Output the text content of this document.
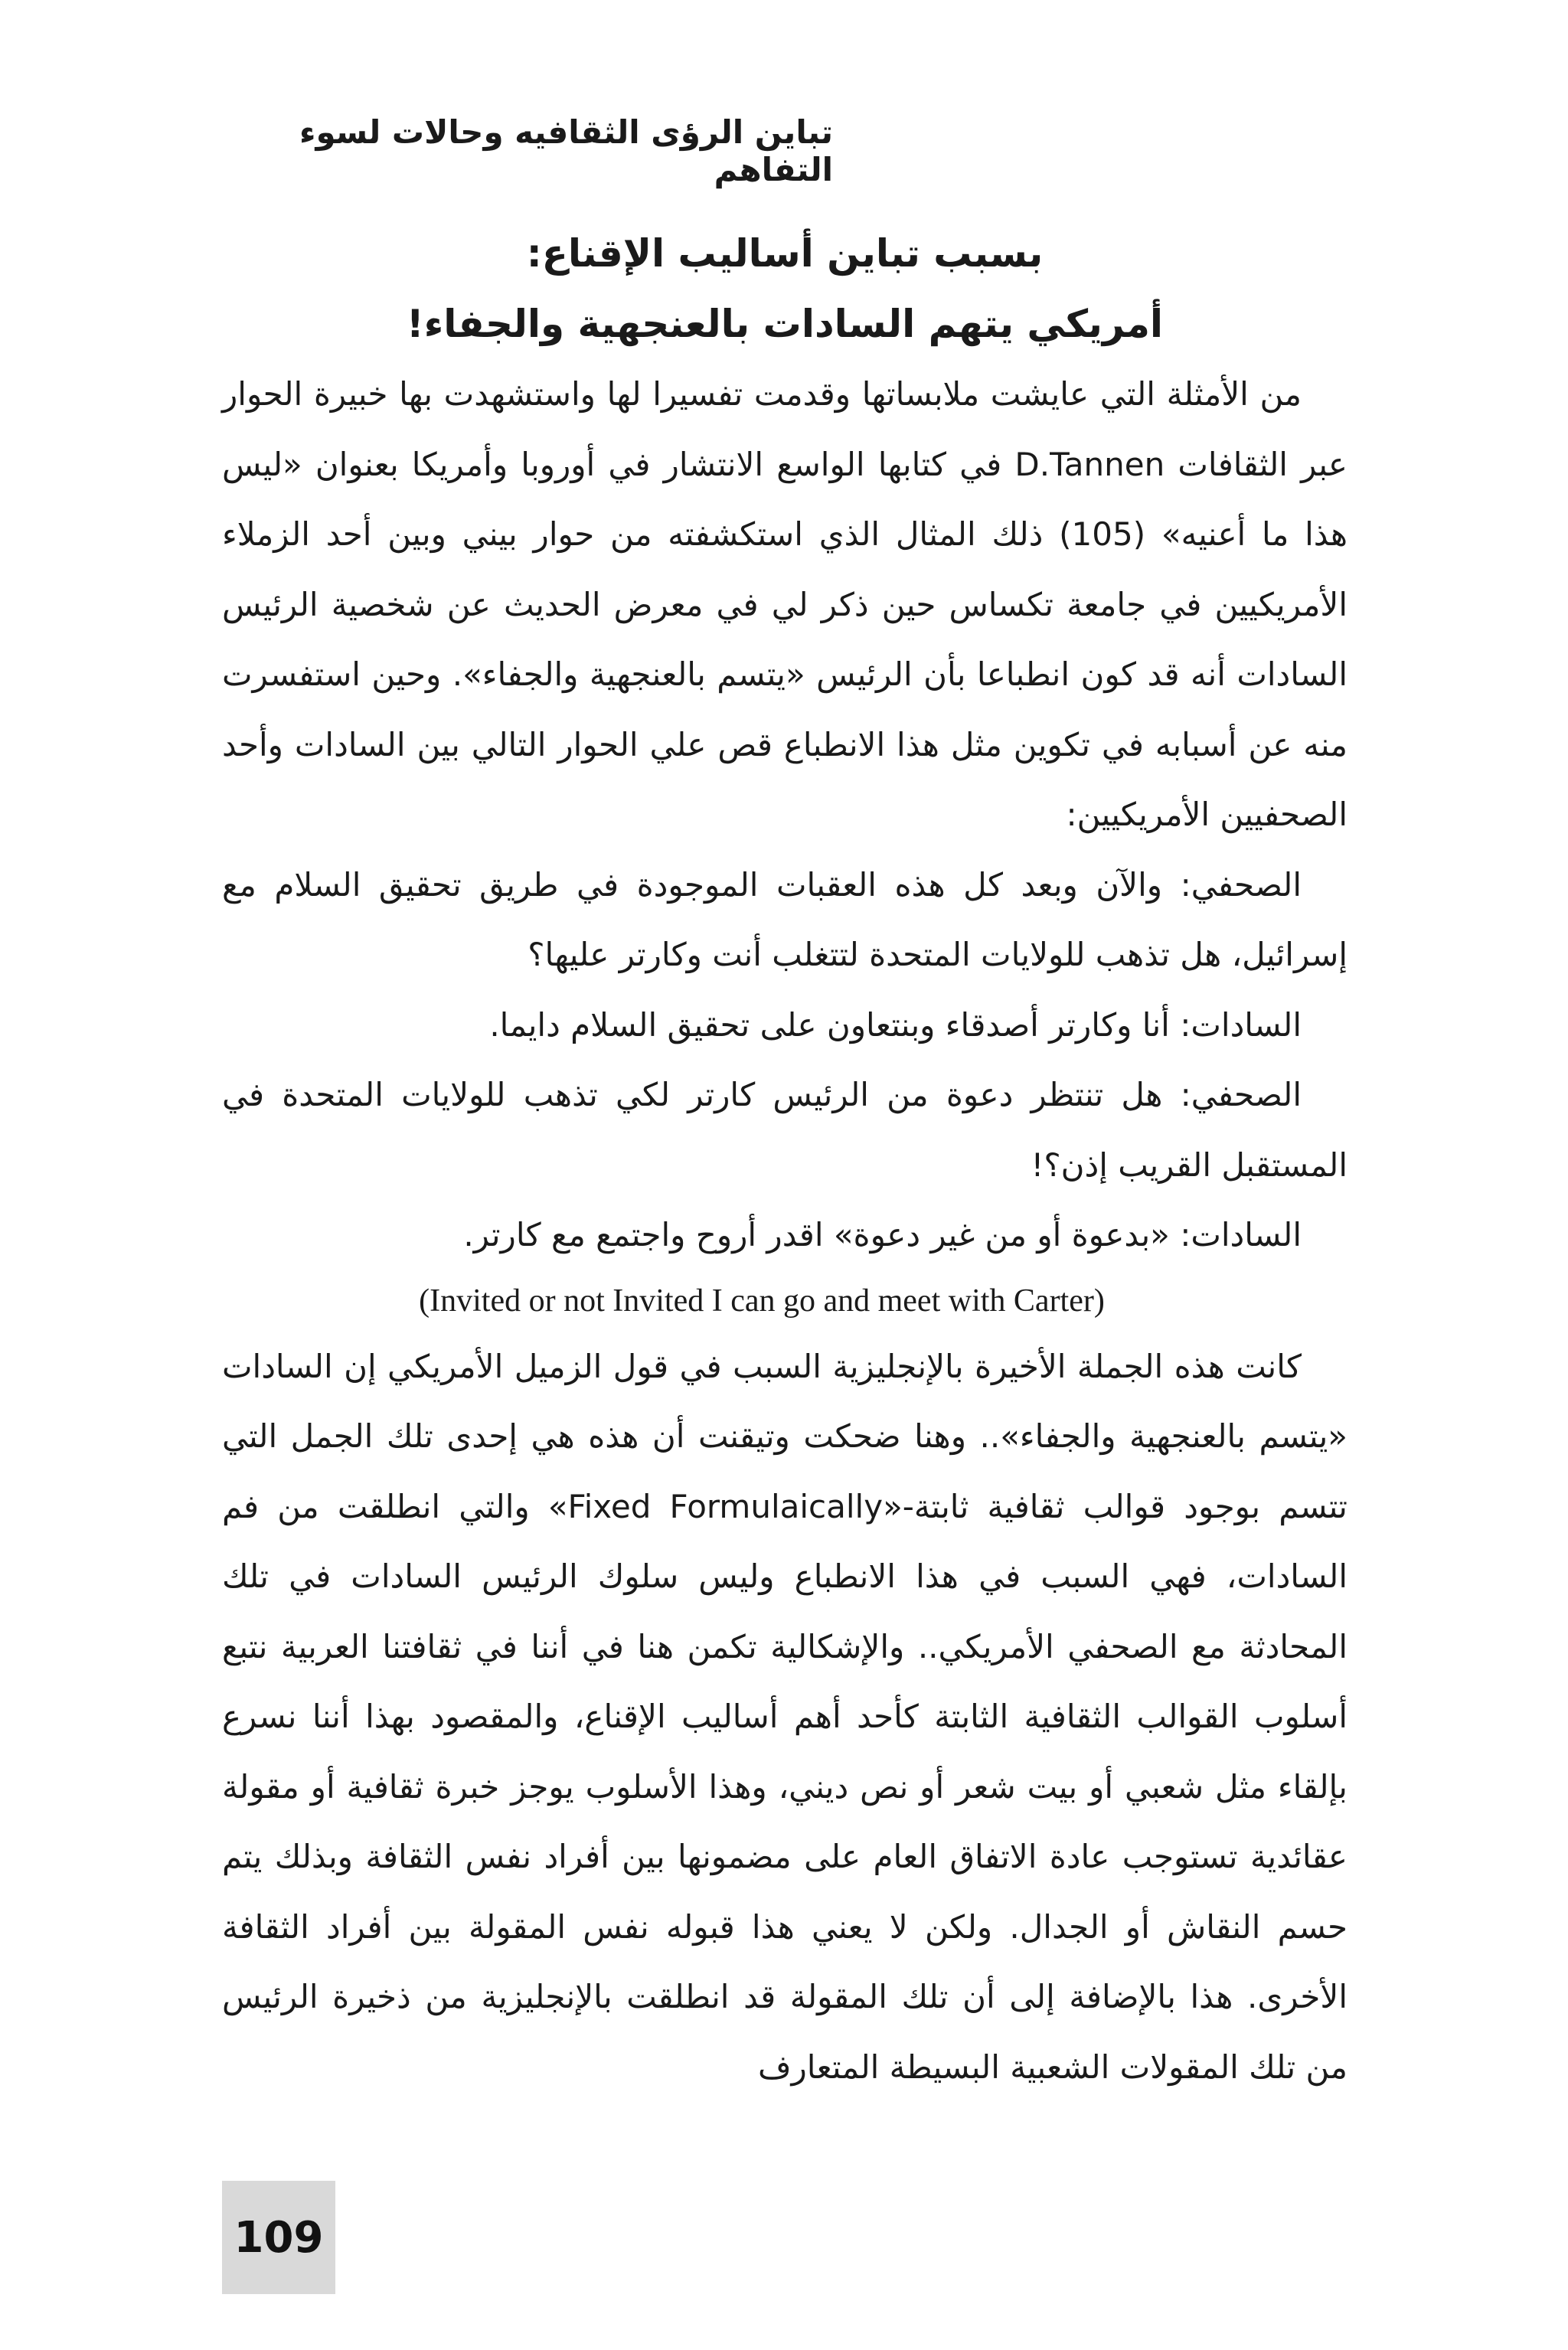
تباين الرؤى الثقافيه وحالات لسوء التفاهم

بسبب تباين أساليب الإقناع:

أمريكي يتهم السادات بالعنجهية والجفاء!

من الأمثلة التي عايشت ملابساتها وقدمت تفسيرا لها واستشهدت بها خبيرة الحوار عبر الثقافات D.Tannen في كتابها الواسع الانتشار في أوروبا وأمريكا بعنوان «ليس هذا ما أعنيه» (105) ذلك المثال الذي استكشفته من حوار بيني وبين أحد الزملاء الأمريكيين في جامعة تكساس حين ذكر لي في معرض الحديث عن شخصية الرئيس السادات أنه قد كون انطباعا بأن الرئيس «يتسم بالعنجهية والجفاء». وحين استفسرت منه عن أسبابه في تكوين مثل هذا الانطباع قص علي الحوار التالي بين السادات وأحد الصحفيين الأمريكيين:

الصحفي: والآن وبعد كل هذه العقبات الموجودة في طريق تحقيق السلام مع إسرائيل، هل تذهب للولايات المتحدة لتتغلب أنت وكارتر عليها؟

السادات: أنا وكارتر أصدقاء وبنتعاون على تحقيق السلام دايما.

الصحفي: هل تنتظر دعوة من الرئيس كارتر لكي تذهب للولايات المتحدة في المستقبل القريب إذن؟!

السادات: «بدعوة أو من غير دعوة» اقدر أروح واجتمع مع كارتر.

(Invited or not Invited I can go and meet with Carter)

كانت هذه الجملة الأخيرة بالإنجليزية السبب في قول الزميل الأمريكي إن السادات «يتسم بالعنجهية والجفاء».. وهنا ضحكت وتيقنت أن هذه هي إحدى تلك الجمل التي تتسم بوجود قوالب ثقافية ثابتة-«Fixed Formulaically» والتي انطلقت من فم السادات، فهي السبب في هذا الانطباع وليس سلوك الرئيس السادات في تلك المحادثة مع الصحفي الأمريكي.. والإشكالية تكمن هنا في أننا في ثقافتنا العربية نتبع أسلوب القوالب الثقافية الثابتة كأحد أهم أساليب الإقناع، والمقصود بهذا أننا نسرع بإلقاء مثل شعبي أو بيت شعر أو نص ديني، وهذا الأسلوب يوجز خبرة ثقافية أو مقولة عقائدية تستوجب عادة الاتفاق العام على مضمونها بين أفراد نفس الثقافة وبذلك يتم حسم النقاش أو الجدال. ولكن لا يعني هذا قبوله نفس المقولة بين أفراد الثقافة الأخرى. هذا بالإضافة إلى أن تلك المقولة قد انطلقت بالإنجليزية من ذخيرة الرئيس من تلك المقولات الشعبية البسيطة المتعارف

109
